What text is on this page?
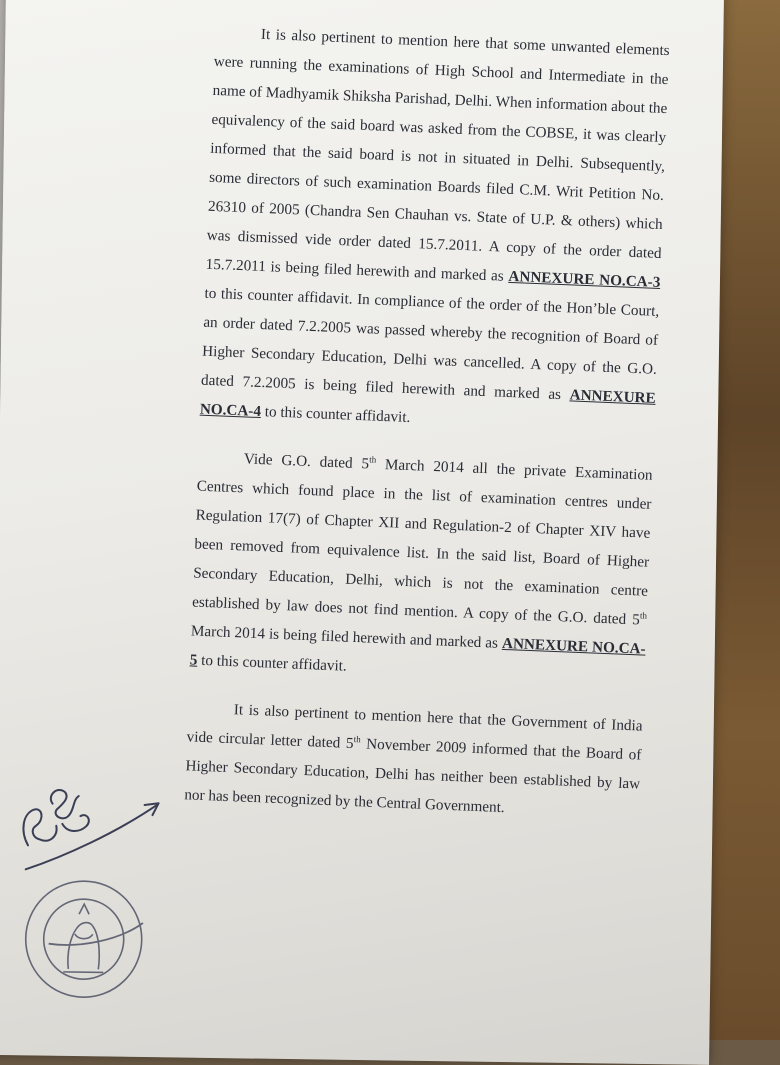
It is also pertinent to mention here that some unwanted elements were running the examinations of High School and Intermediate in the name of Madhyamik Shiksha Parishad, Delhi. When information about the equivalency of the said board was asked from the COBSE, it was clearly informed that the said board is not in situated in Delhi. Subsequently, some directors of such examination Boards filed C.M. Writ Petition No. 26310 of 2005 (Chandra Sen Chauhan vs. State of U.P. & others) which was dismissed vide order dated 15.7.2011. A copy of the order dated 15.7.2011 is being filed herewith and marked as ANNEXURE NO.CA-3 to this counter affidavit. In compliance of the order of the Hon’ble Court, an order dated 7.2.2005 was passed whereby the recognition of Board of Higher Secondary Education, Delhi was cancelled. A copy of the G.O. dated 7.2.2005 is being filed herewith and marked as ANNEXURE NO.CA-4 to this counter affidavit.

Vide G.O. dated 5th March 2014 all the private Examination Centres which found place in the list of examination centres under Regulation 17(7) of Chapter XII and Regulation-2 of Chapter XIV have been removed from equivalence list. In the said list, Board of Higher Secondary Education, Delhi, which is not the examination centre established by law does not find mention. A copy of the G.O. dated 5th March 2014 is being filed herewith and marked as ANNEXURE NO.CA-5 to this counter affidavit.

It is also pertinent to mention here that the Government of India vide circular letter dated 5th November 2009 informed that the Board of Higher Secondary Education, Delhi has neither been established by law nor has been recognized by the Central Government.
